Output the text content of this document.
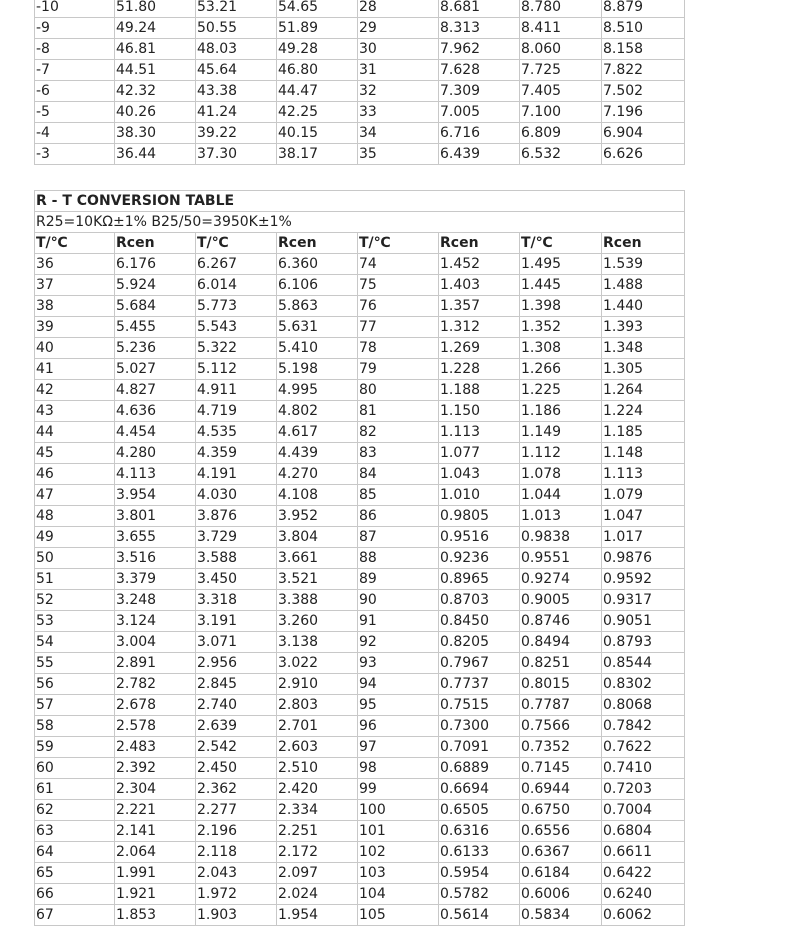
-10	51.80	53.21	54.65	28	8.681	8.780	8.879
-9	49.24	50.55	51.89	29	8.313	8.411	8.510
-8	46.81	48.03	49.28	30	7.962	8.060	8.158
-7	44.51	45.64	46.80	31	7.628	7.725	7.822
-6	42.32	43.38	44.47	32	7.309	7.405	7.502
-5	40.26	41.24	42.25	33	7.005	7.100	7.196
-4	38.30	39.22	40.15	34	6.716	6.809	6.904
-3	36.44	37.30	38.17	35	6.439	6.532	6.626
R - T CONVERSION TABLE							
R25=10KΩ±1% B25/50=3950K±1%							
T/℃	Rcen	T/℃	Rcen	T/℃	Rcen	T/℃	Rcen
36	6.176	6.267	6.360	74	1.452	1.495	1.539
37	5.924	6.014	6.106	75	1.403	1.445	1.488
38	5.684	5.773	5.863	76	1.357	1.398	1.440
39	5.455	5.543	5.631	77	1.312	1.352	1.393
40	5.236	5.322	5.410	78	1.269	1.308	1.348
41	5.027	5.112	5.198	79	1.228	1.266	1.305
42	4.827	4.911	4.995	80	1.188	1.225	1.264
43	4.636	4.719	4.802	81	1.150	1.186	1.224
44	4.454	4.535	4.617	82	1.113	1.149	1.185
45	4.280	4.359	4.439	83	1.077	1.112	1.148
46	4.113	4.191	4.270	84	1.043	1.078	1.113
47	3.954	4.030	4.108	85	1.010	1.044	1.079
48	3.801	3.876	3.952	86	0.9805	1.013	1.047
49	3.655	3.729	3.804	87	0.9516	0.9838	1.017
50	3.516	3.588	3.661	88	0.9236	0.9551	0.9876
51	3.379	3.450	3.521	89	0.8965	0.9274	0.9592
52	3.248	3.318	3.388	90	0.8703	0.9005	0.9317
53	3.124	3.191	3.260	91	0.8450	0.8746	0.9051
54	3.004	3.071	3.138	92	0.8205	0.8494	0.8793
55	2.891	2.956	3.022	93	0.7967	0.8251	0.8544
56	2.782	2.845	2.910	94	0.7737	0.8015	0.8302
57	2.678	2.740	2.803	95	0.7515	0.7787	0.8068
58	2.578	2.639	2.701	96	0.7300	0.7566	0.7842
59	2.483	2.542	2.603	97	0.7091	0.7352	0.7622
60	2.392	2.450	2.510	98	0.6889	0.7145	0.7410
61	2.304	2.362	2.420	99	0.6694	0.6944	0.7203
62	2.221	2.277	2.334	100	0.6505	0.6750	0.7004
63	2.141	2.196	2.251	101	0.6316	0.6556	0.6804
64	2.064	2.118	2.172	102	0.6133	0.6367	0.6611
65	1.991	2.043	2.097	103	0.5954	0.6184	0.6422
66	1.921	1.972	2.024	104	0.5782	0.6006	0.6240
67	1.853	1.903	1.954	105	0.5614	0.5834	0.6062
